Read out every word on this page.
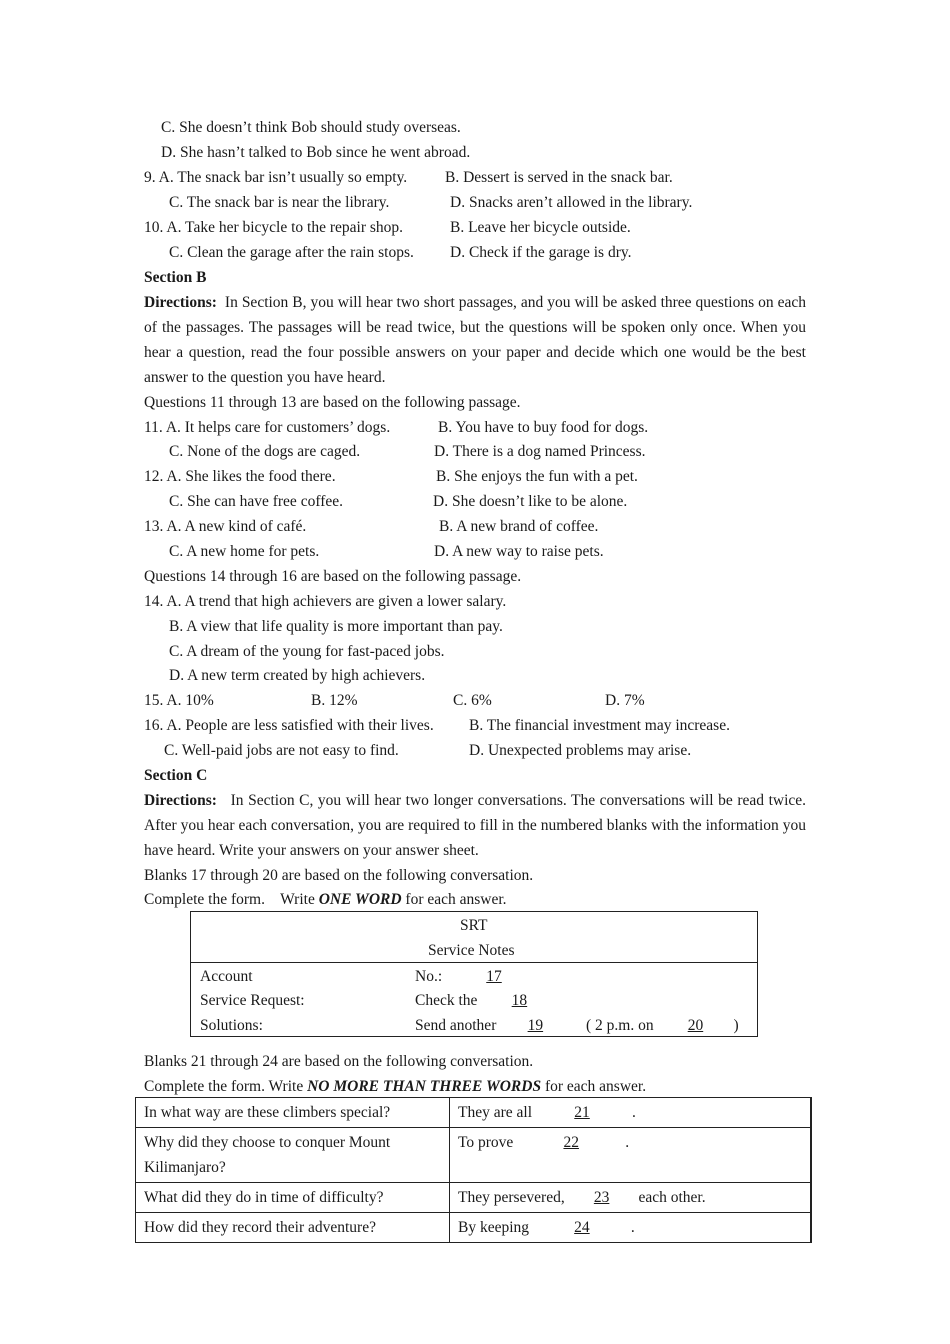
C. She doesn’t think Bob should study overseas.
D. She hasn’t talked to Bob since he went abroad.
9. A. The snack bar isn’t usually so empty. B. Dessert is served in the snack bar.
C. The snack bar is near the library.	D. Snacks aren’t allowed in the library.
10. A. Take her bicycle to the repair shop.	B. Leave her bicycle outside.
C. Clean the garage after the rain stops. D. Check if the garage is dry.
Section B
Directions: In Section B, you will hear two short passages, and you will be asked three questions on each of the passages. The passages will be read twice, but the questions will be spoken only once. When you hear a question, read the four possible answers on your paper and decide which one would be the best answer to the question you have heard.
Questions 11 through 13 are based on the following passage.
11. A. It helps care for customers’ dogs.	B. You have to buy food for dogs.
C. None of the dogs are caged.	D. There is a dog named Princess.
12. A. She likes the food there.	B. She enjoys the fun with a pet.
C. She can have free coffee.	D. She doesn’t like to be alone.
13. A. A new kind of café.	B. A new brand of coffee.
C. A new home for pets.	D. A new way to raise pets.
Questions 14 through 16 are based on the following passage.
14. A. A trend that high achievers are given a lower salary.
B. A view that life quality is more important than pay.
C. A dream of the young for fast-paced jobs.
D. A new term created by high achievers.
15. A. 10%	B. 12%	C. 6%	D. 7%
16. A. People are less satisfied with their lives. B. The financial investment may increase.
C. Well-paid jobs are not easy to find.	D. Unexpected problems may arise.
Section C
Directions: In Section C, you will hear two longer conversations. The conversations will be read twice. After you hear each conversation, you are required to fill in the numbered blanks with the information you have heard. Write your answers on your answer sheet.
Blanks 17 through 20 are based on the following conversation.
Complete the form.    Write ONE WORD for each answer.
SRT
Service Notes
Account	No.:	17
Service Request:	Check the 18
Solutions:	Send another 19	( 2 p.m. on 20 )
Blanks 21 through 24 are based on the following conversation.
Complete the form. Write NO MORE THAN THREE WORDS for each answer.
In what way are these climbers special?	They are all 21 .
Why did they choose to conquer Mount Kilimanjaro?	To prove 22 .
What did they do in time of difficulty?	They persevered, 23 each other.
How did they record their adventure?	By keeping 24 .
